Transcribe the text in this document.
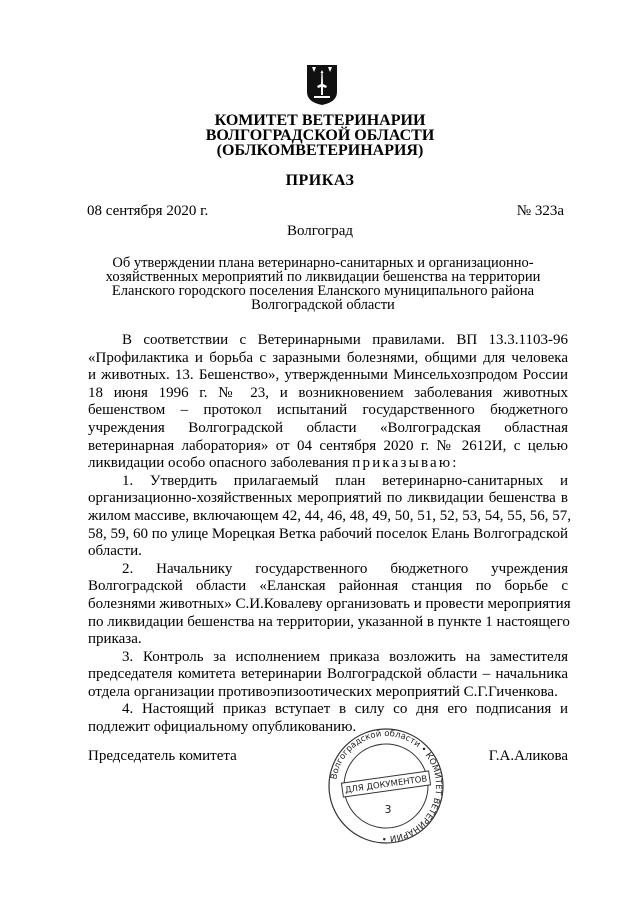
КОМИТЕТ ВЕТЕРИНАРИИ
ВОЛГОГРАДСКОЙ ОБЛАСТИ
(ОБЛКОМВЕТЕРИНАРИЯ)
ПРИКАЗ
08 сентября 2020 г.	№ 323а
Волгоград
Об утверждении плана ветеринарно-санитарных и организационно-
хозяйственных мероприятий по ликвидации бешенства на территории
Еланского городского поселения Еланского муниципального района
Волгоградской области
В соответствии с Ветеринарными правилами. ВП 13.3.1103-96
«Профилактика и борьба с заразными болезнями, общими для человека
и животных. 13. Бешенство», утвержденными Минсельхозпродом России
18 июня 1996 г. № 23, и возникновением заболевания животных
бешенством – протокол испытаний государственного бюджетного
учреждения Волгоградской области «Волгоградская областная
ветеринарная лаборатория» от 04 сентября 2020 г. № 2612И, с целью
ликвидации особо опасного заболевания приказываю:
1. Утвердить прилагаемый план ветеринарно-санитарных и
организационно-хозяйственных мероприятий по ликвидации бешенства в
жилом массиве, включающем 42, 44, 46, 48, 49, 50, 51, 52, 53, 54, 55, 56, 57,
58, 59, 60 по улице Морецкая Ветка рабочий поселок Елань Волгоградской
области.
2. Начальнику государственного бюджетного учреждения
Волгоградской области «Еланская районная станция по борьбе с
болезнями животных» С.И.Ковалеву организовать и провести мероприятия
по ликвидации бешенства на территории, указанной в пункте 1 настоящего
приказа.
3. Контроль за исполнением приказа возложить на заместителя
председателя комитета ветеринарии Волгоградской области – начальника
отдела организации противоэпизоотических мероприятий С.Г.Гиченкова.
4. Настоящий приказ вступает в силу со дня его подписания и
подлежит официальному опубликованию.
Председатель комитета	Г.А.Аликова
Волгоградской области • КОМИТЕТ ВЕТЕРИНАРИИ •
ДЛЯ ДОКУМЕНТОВ
3
